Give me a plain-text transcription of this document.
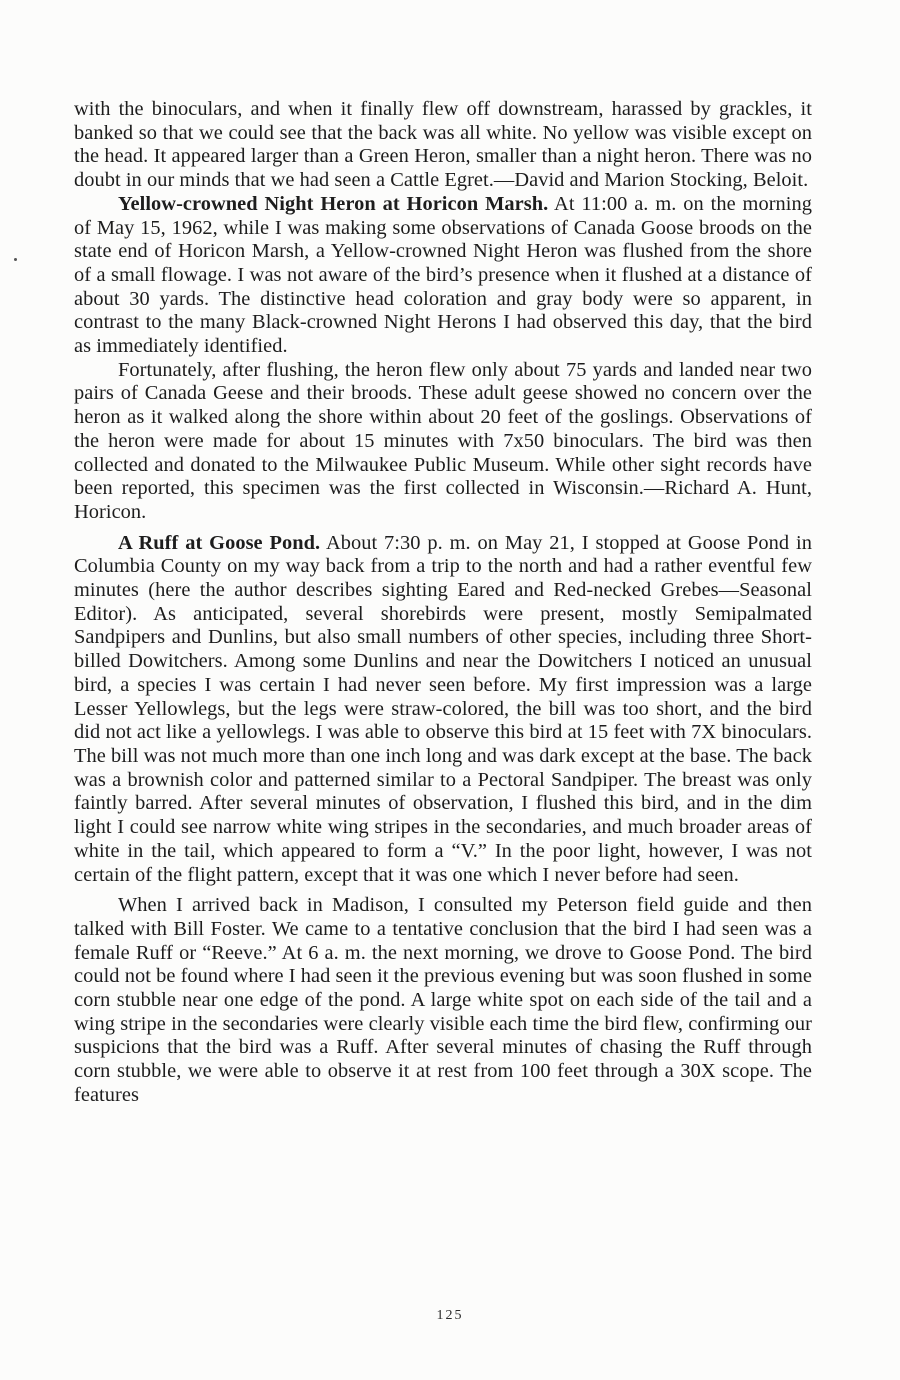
with the binoculars, and when it finally flew off downstream, harassed by grackles, it banked so that we could see that the back was all white. No yellow was visible except on the head. It appeared larger than a Green Heron, smaller than a night heron. There was no doubt in our minds that we had seen a Cattle Egret.—David and Marion Stocking, Beloit.

Yellow-crowned Night Heron at Horicon Marsh. At 11:00 a. m. on the morning of May 15, 1962, while I was making some observations of Canada Goose broods on the state end of Horicon Marsh, a Yellow-crowned Night Heron was flushed from the shore of a small flowage. I was not aware of the bird’s presence when it flushed at a distance of about 30 yards. The distinctive head coloration and gray body were so apparent, in contrast to the many Black-crowned Night Herons I had observed this day, that the bird as immediately identified.

Fortunately, after flushing, the heron flew only about 75 yards and landed near two pairs of Canada Geese and their broods. These adult geese showed no concern over the heron as it walked along the shore within about 20 feet of the goslings. Observations of the heron were made for about 15 minutes with 7x50 binoculars. The bird was then collected and donated to the Milwaukee Public Museum. While other sight records have been reported, this specimen was the first collected in Wisconsin.—Richard A. Hunt, Horicon.

A Ruff at Goose Pond. About 7:30 p. m. on May 21, I stopped at Goose Pond in Columbia County on my way back from a trip to the north and had a rather eventful few minutes (here the author describes sighting Eared and Red-necked Grebes—Seasonal Editor). As anticipated, several shorebirds were present, mostly Semipalmated Sandpipers and Dunlins, but also small numbers of other species, including three Short-billed Dowitchers. Among some Dunlins and near the Dowitchers I noticed an unusual bird, a species I was certain I had never seen before. My first impression was a large Lesser Yellowlegs, but the legs were straw-colored, the bill was too short, and the bird did not act like a yellowlegs. I was able to observe this bird at 15 feet with 7X binoculars. The bill was not much more than one inch long and was dark except at the base. The back was a brownish color and patterned similar to a Pectoral Sandpiper. The breast was only faintly barred. After several minutes of observation, I flushed this bird, and in the dim light I could see narrow white wing stripes in the secondaries, and much broader areas of white in the tail, which appeared to form a “V.” In the poor light, however, I was not certain of the flight pattern, except that it was one which I never before had seen.

When I arrived back in Madison, I consulted my Peterson field guide and then talked with Bill Foster. We came to a tentative conclusion that the bird I had seen was a female Ruff or “Reeve.” At 6 a. m. the next morning, we drove to Goose Pond. The bird could not be found where I had seen it the previous evening but was soon flushed in some corn stubble near one edge of the pond. A large white spot on each side of the tail and a wing stripe in the secondaries were clearly visible each time the bird flew, confirming our suspicions that the bird was a Ruff. After several minutes of chasing the Ruff through corn stubble, we were able to observe it at rest from 100 feet through a 30X scope. The features

125
